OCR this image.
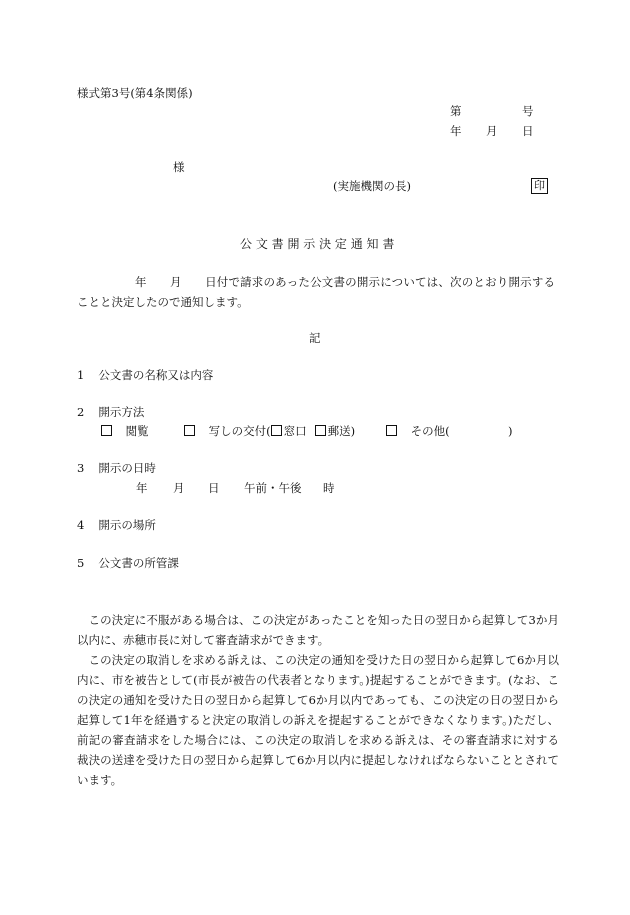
様式第3号(第4条関係)
第	号
年 月 日
様
(実施機関の長)	印
公 文 書 開 示 決 定 通 知 書
年　　月　　日付で請求のあった公文書の開示については、次のとおり開示することと決定したので通知します。
記
1 公文書の名称又は内容
2 開示方法
閲覧	写しの交付( 窓口 郵送)	その他(	)
3 開示の日時
年 月 日 午前・午後 時
4 開示の場所
5 公文書の所管課

この決定に不服がある場合は、この決定があったことを知った日の翌日から起算して3か月以内に、赤穂市長に対して審査請求ができます。

この決定の取消しを求める訴えは、この決定の通知を受けた日の翌日から起算して6か月以内に、市を被告として(市長が被告の代表者となります。)提起することができます。(なお、この決定の通知を受けた日の翌日から起算して6か月以内であっても、この決定の日の翌日から起算して1年を経過すると決定の取消しの訴えを提起することができなくなります。)ただし、前記の審査請求をした場合には、この決定の取消しを求める訴えは、その審査請求に対する裁決の送達を受けた日の翌日から起算して6か月以内に提起しなければならないこととされています。
